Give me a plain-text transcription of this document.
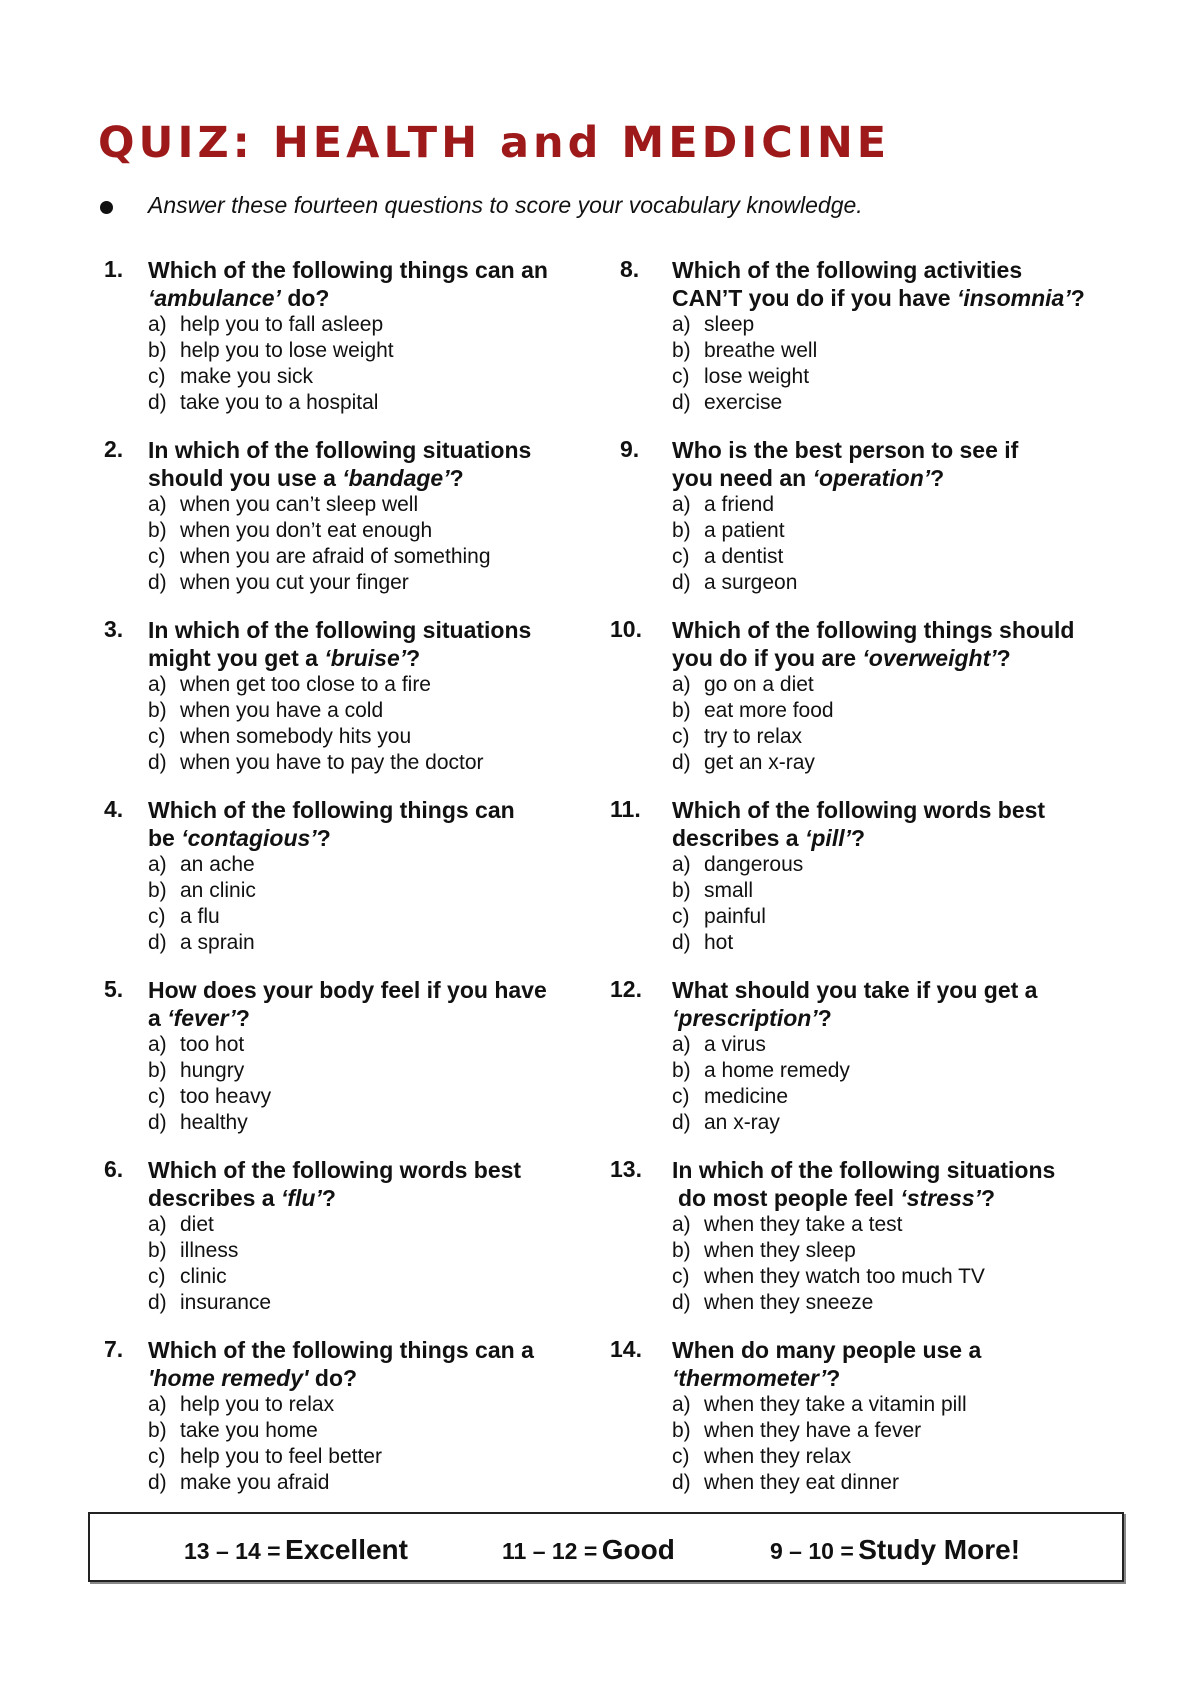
QUIZ: HEALTH and MEDICINE
Answer these fourteen questions to score your vocabulary knowledge.
1. Which of the following things can an
‘ambulance’ do?
a) help you to fall asleep
b) help you to lose weight
c) make you sick
d) take you to a hospital
2. In which of the following situations
should you use a ‘bandage’?
a) when you can’t sleep well
b) when you don’t eat enough
c) when you are afraid of something
d) when you cut your finger
3. In which of the following situations
might you get a ‘bruise’?
a) when get too close to a fire
b) when you have a cold
c) when somebody hits you
d) when you have to pay the doctor
4. Which of the following things can
be ‘contagious’?
a) an ache
b) an clinic
c) a flu
d) a sprain
5. How does your body feel if you have
a ‘fever’?
a) too hot
b) hungry
c) too heavy
d) healthy
6. Which of the following words best
describes a ‘flu’?
a) diet
b) illness
c) clinic
d) insurance
7. Which of the following things can a
'home remedy' do?
a) help you to relax
b) take you home
c) help you to feel better
d) make you afraid
8. Which of the following activities
CAN’T you do if you have ‘insomnia’?
a) sleep
b) breathe well
c) lose weight
d) exercise
9. Who is the best person to see if
you need an ‘operation’?
a) a friend
b) a patient
c) a dentist
d) a surgeon
10. Which of the following things should
you do if you are ‘overweight’?
a) go on a diet
b) eat more food
c) try to relax
d) get an x-ray
11. Which of the following words best
describes a ‘pill’?
a) dangerous
b) small
c) painful
d) hot
12. What should you take if you get a
‘prescription’?
a) a virus
b) a home remedy
c) medicine
d) an x-ray
13. In which of the following situations
do most people feel ‘stress’?
a) when they take a test
b) when they sleep
c) when they watch too much TV
d) when they sneeze
14. When do many people use a
‘thermometer’?
a) when they take a vitamin pill
b) when they have a fever
c) when they relax
d) when they eat dinner
13 – 14 = Excellent	11 – 12 = Good	9 – 10 = Study More!
